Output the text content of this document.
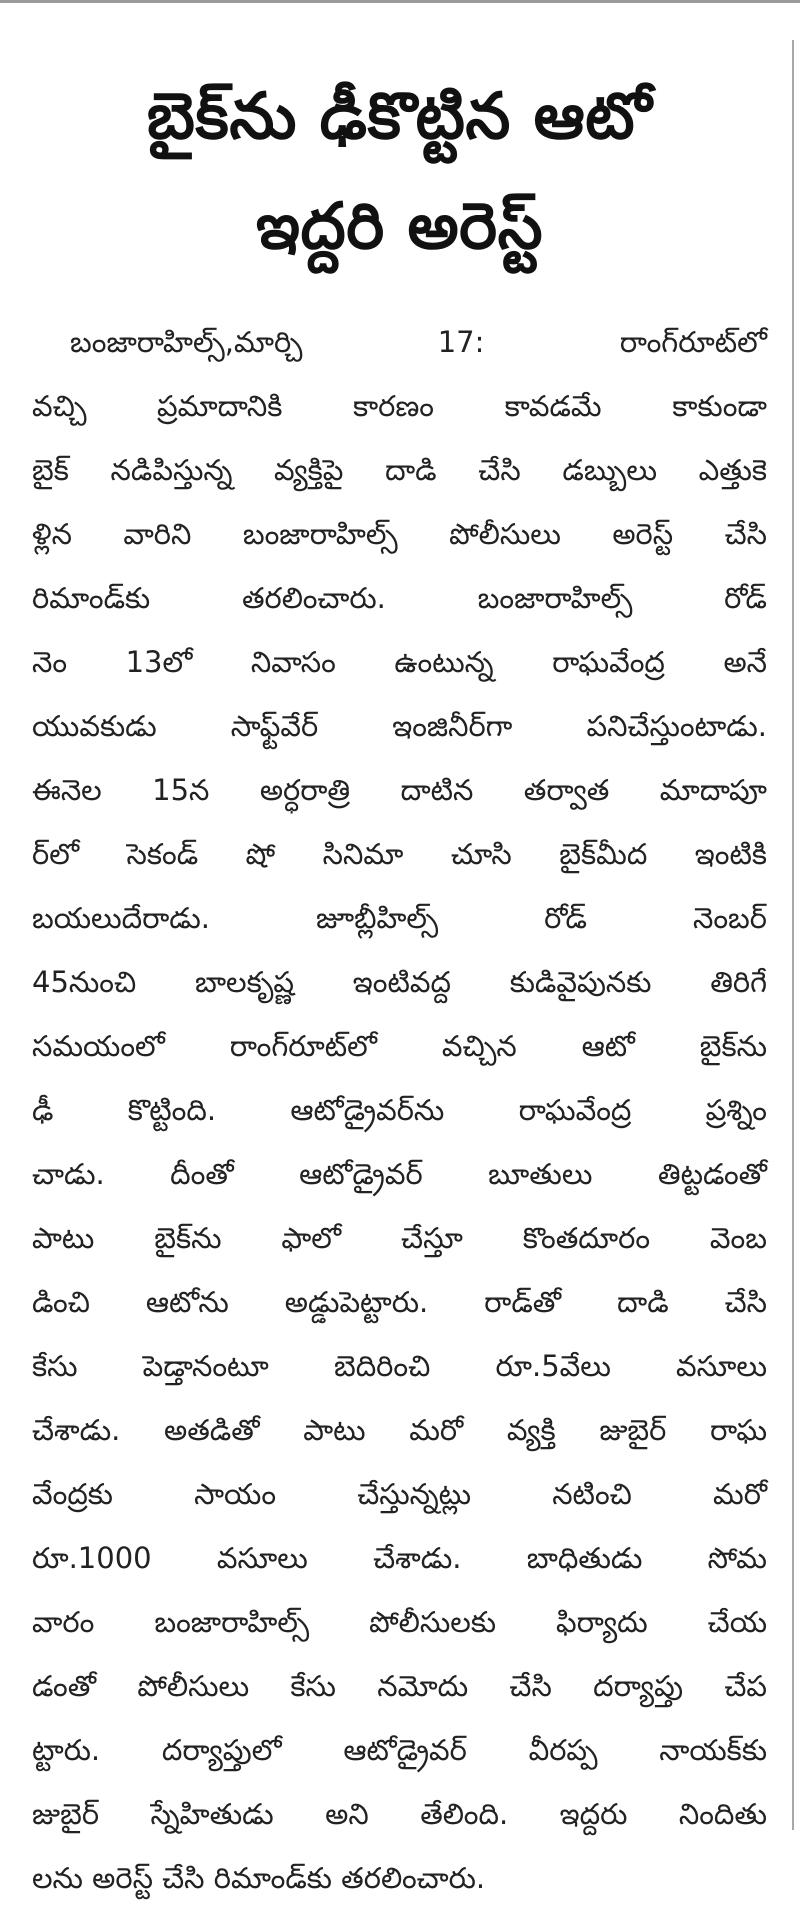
బైక్‌ను ఢీకొట్టిన ఆటో
ఇద్దరి అరెస్ట్
బంజారాహిల్స్,మార్చి 17: రాంగ్‌రూట్‌లో
వచ్చి ప్రమాదానికి కారణం కావడమే కాకుండా
బైక్ నడిపిస్తున్న వ్యక్తిపై దాడి చేసి డబ్బులు ఎత్తుకె
ళ్లిన వారిని బంజారాహిల్స్ పోలీసులు అరెస్ట్ చేసి
రిమాండ్‌కు తరలించారు. బంజారాహిల్స్ రోడ్
నెం 13లో నివాసం ఉంటున్న రాఘవేంద్ర అనే
యువకుడు సాఫ్ట్‌వేర్ ఇంజినీర్‌గా పనిచేస్తుంటాడు.
ఈనెల 15న అర్ధరాత్రి దాటిన తర్వాత మాదాపూ
ర్‌లో సెకండ్ షో సినిమా చూసి బైక్‌మీద ఇంటికి
బయలుదేరాడు. జూబ్లీహిల్స్ రోడ్ నెంబర్
45నుంచి బాలకృష్ణ ఇంటివద్ద కుడివైపునకు తిరిగే
సమయంలో రాంగ్‌రూట్‌లో వచ్చిన ఆటో బైక్‌ను
ఢీ కొట్టింది. ఆటోడ్రైవర్‌ను రాఘవేంద్ర ప్రశ్నిం
చాడు. దీంతో ఆటోడ్రైవర్ బూతులు తిట్టడంతో
పాటు బైక్‌ను ఫాలో చేస్తూ కొంతదూరం వెంబ
డించి ఆటోను అడ్డుపెట్టారు. రాడ్‌తో దాడి చేసి
కేసు పెడ్తానంటూ బెదిరించి రూ.5వేలు వసూలు
చేశాడు. అతడితో పాటు మరో వ్యక్తి జుబైర్ రాఘ
వేంద్రకు సాయం చేస్తున్నట్లు నటించి మరో
రూ.1000 వసూలు చేశాడు. బాధితుడు సోమ
వారం బంజారాహిల్స్ పోలీసులకు ఫిర్యాదు చేయ
డంతో పోలీసులు కేసు నమోదు చేసి దర్యాప్తు చేప
ట్టారు. దర్యాప్తులో ఆటోడ్రైవర్ వీరప్ప నాయక్‌కు
జుబైర్ స్నేహితుడు అని తేలింది. ఇద్దరు నిందితు
లను అరెస్ట్ చేసి రిమాండ్‌కు తరలించారు.
